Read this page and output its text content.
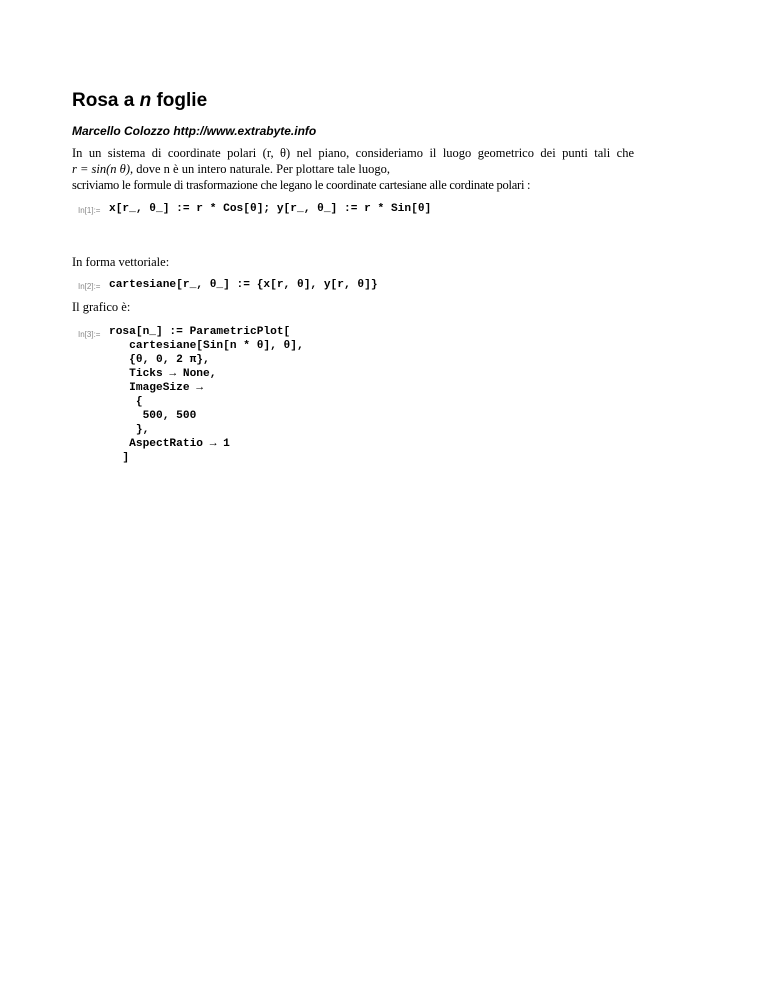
Rosa a n foglie
Marcello Colozzo http://www.extrabyte.info
In un sistema di coordinate polari (r, θ) nel piano, consideriamo il luogo geometrico dei punti tali che
r = sin(n θ), dove n è un intero naturale. Per plottare tale luogo,
scriviamo le formule di trasformazione che legano le coordinate cartesiane alle cordinate polari :
In[1]:= x[r_, θ_] := r * Cos[θ]; y[r_, θ_] := r * Sin[θ]
In forma vettoriale:
In[2]:= cartesiane[r_, θ_] := {x[r, θ], y[r, θ]}
Il grafico è:
In[3]:= rosa[n_] := ParametricPlot[
cartesiane[Sin[n * θ], θ],
{θ, 0, 2 π},
Ticks → None,
ImageSize →
{
500, 500
},
AspectRatio → 1
]
